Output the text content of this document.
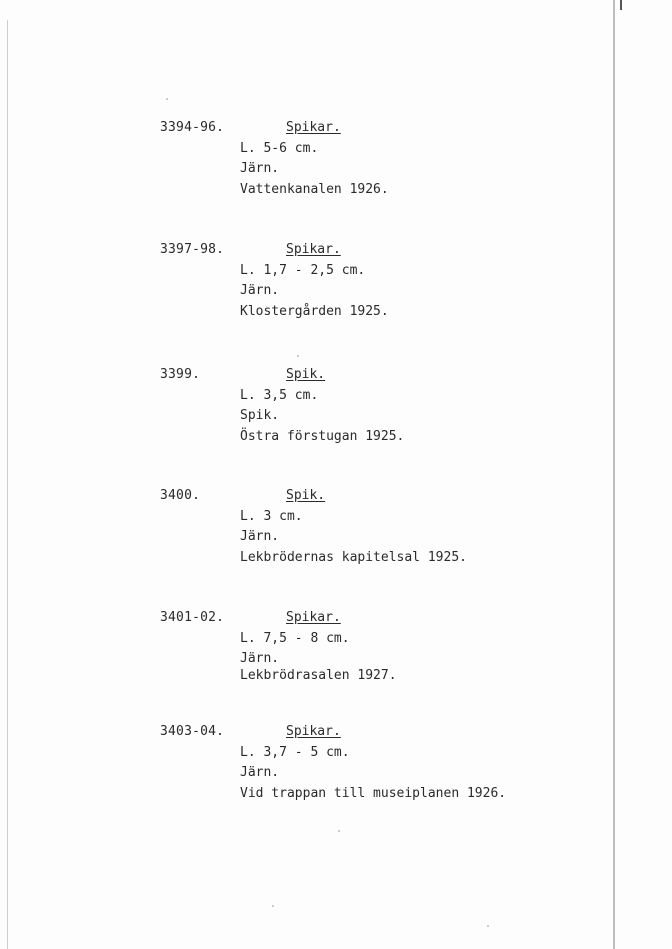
3394-96.	Spikar.
L. 5-6 cm.
Järn.
Vattenkanalen 1926.
3397-98.	Spikar.
L. 1,7 - 2,5 cm.
Järn.
Klostergården 1925.
3399.	Spik.
L. 3,5 cm.
Spik.
Östra förstugan 1925.
3400.	Spik.
L. 3 cm.
Järn.
Lekbrödernas kapitelsal 1925.
3401-02.	Spikar.
L. 7,5 - 8 cm.
Järn.
Lekbrödrasalen 1927.
3403-04.	Spikar.
L. 3,7 - 5 cm.
Järn.
Vid trappan till museiplanen 1926.
